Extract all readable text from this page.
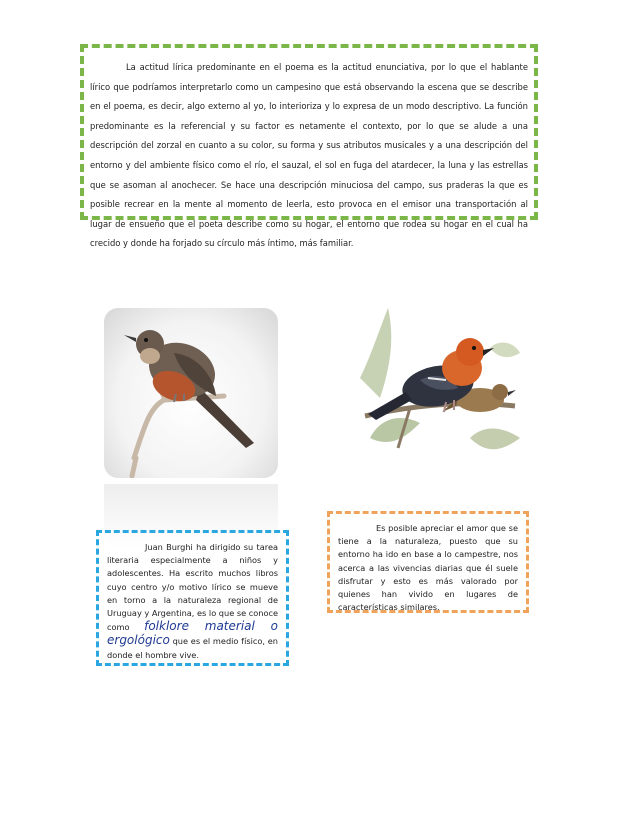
La actitud lírica predominante en el poema es la actitud enunciativa, por lo que el hablante lírico que podríamos interpretarlo como un campesino que está observando la escena que se describe en el poema, es decir, algo externo al yo, lo interioriza y lo expresa de un modo descriptivo. La función predominante es la referencial y su factor es netamente el contexto, por lo que se alude a una descripción del zorzal en cuanto a su color, su forma y sus atributos musicales y a una descripción del entorno y del ambiente físico como el río, el sauzal, el sol en fuga del atardecer, la luna y las estrellas que se asoman al anochecer. Se hace una descripción minuciosa del campo, sus praderas la que es posible recrear en la mente al momento de leerla, esto provoca en el emisor una transportación al lugar de ensueño que el poeta describe como su hogar, el entorno que rodea su hogar en el cual ha crecido y donde ha forjado su círculo más íntimo, más familiar.

Juan Burghi ha dirigido su tarea literaria especialmente a niños y adolescentes. Ha escrito muchos libros cuyo centro y/o motivo lírico se mueve en torno a la naturaleza regional de Uruguay y Argentina, es lo que se conoce como folklore material o ergológico que es el medio físico, en donde el hombre vive.

Es posible apreciar el amor que se tiene a la naturaleza, puesto que su entorno ha ido en base a lo campestre, nos acerca a las vivencias diarias que él suele disfrutar y esto es más valorado por quienes han vivido en lugares de características similares.
